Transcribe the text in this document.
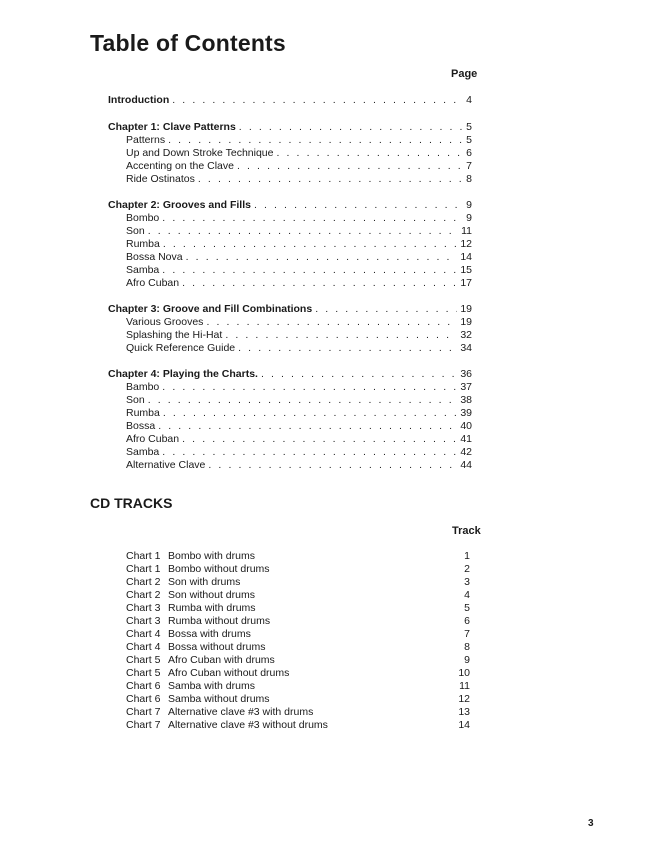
Table of Contents
Page
Introduction . . .	4
Chapter 1: Clave Patterns . . .	5
Patterns . . .	5
Up and Down Stroke Technique . . .	6
Accenting on the Clave . . .	7
Ride Ostinatos . . .	8
Chapter 2: Grooves and Fills . . .	9
Bombo . . .	9
Son . . .	11
Rumba . . .	12
Bossa Nova . . .	14
Samba . . .	15
Afro Cuban . . .	17
Chapter 3: Groove and Fill Combinations . . .	19
Various Grooves . . .	19
Splashing the Hi-Hat . . .	32
Quick Reference Guide . . .	34
Chapter 4: Playing the Charts. . . .	36
Bambo . . .	37
Son . . .	38
Rumba . . .	39
Bossa . . .	40
Afro Cuban . . .	41
Samba . . .	42
Alternative Clave . . .	44
CD TRACKS
Track
Chart 1 Bombo with drums	1
Chart 1 Bombo without drums	2
Chart 2 Son with drums	3
Chart 2 Son without drums	4
Chart 3 Rumba with drums	5
Chart 3 Rumba without drums	6
Chart 4 Bossa with drums	7
Chart 4 Bossa without drums	8
Chart 5 Afro Cuban with drums	9
Chart 5 Afro Cuban without drums	10
Chart 6 Samba with drums	11
Chart 6 Samba without drums	12
Chart 7 Alternative clave #3 with drums	13
Chart 7 Alternative clave #3 without drums	14
3
